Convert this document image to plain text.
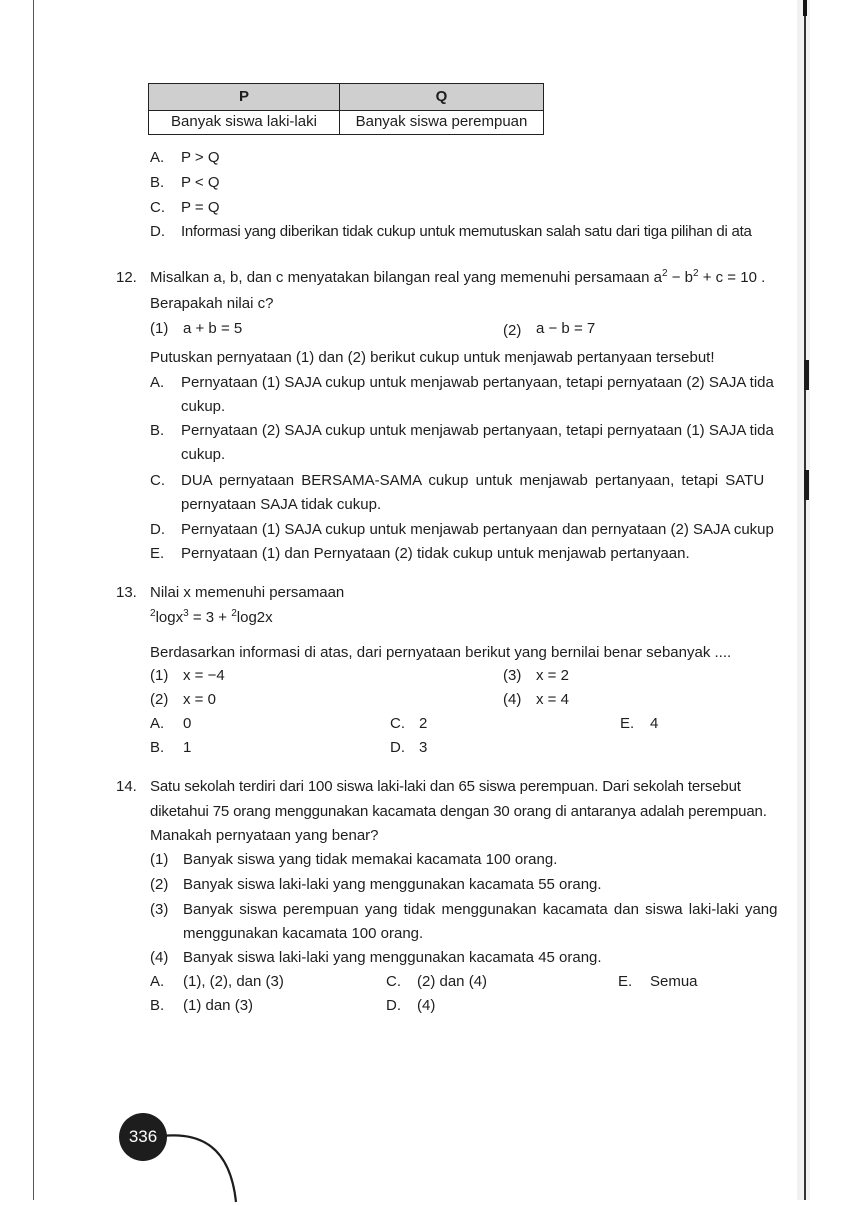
P	Q
Banyak siswa laki-laki	Banyak siswa perempuan
A. P > Q
B. P < Q
C. P = Q
D. Informasi yang diberikan tidak cukup untuk memutuskan salah satu dari tiga pilihan di ata
12. Misalkan a, b, dan c menyatakan bilangan real yang memenuhi persamaan $a^2 - b^2 + c = 10$ .
Berapakah nilai c?
(1) a + b = 5	(2) a − b = 7
Putuskan pernyataan (1) dan (2) berikut cukup untuk menjawab pertanyaan tersebut!
A. Pernyataan (1) SAJA cukup untuk menjawab pertanyaan, tetapi pernyataan (2) SAJA tida
cukup.
B. Pernyataan (2) SAJA cukup untuk menjawab pertanyaan, tetapi pernyataan (1) SAJA tida
cukup.
C. DUA pernyataan BERSAMA-SAMA cukup untuk menjawab pertanyaan, tetapi SATU
pernyataan SAJA tidak cukup.
D. Pernyataan (1) SAJA cukup untuk menjawab pertanyaan dan pernyataan (2) SAJA cukup
E. Pernyataan (1) dan Pernyataan (2) tidak cukup untuk menjawab pertanyaan.
13. Nilai x memenuhi persamaan
$^2$logx$^3$ = 3 + $^2$log2x
Berdasarkan informasi di atas, dari pernyataan berikut yang bernilai benar sebanyak ....
(1) x = −4	(3) x = 2
(2) x = 0	(4) x = 4
A. 0	C. 2	E. 4
B. 1	D. 3
14. Satu sekolah terdiri dari 100 siswa laki-laki dan 65 siswa perempuan. Dari sekolah tersebut
diketahui 75 orang menggunakan kacamata dengan 30 orang di antaranya adalah perempuan.
Manakah pernyataan yang benar?
(1) Banyak siswa yang tidak memakai kacamata 100 orang.
(2) Banyak siswa laki-laki yang menggunakan kacamata 55 orang.
(3) Banyak siswa perempuan yang tidak menggunakan kacamata dan siswa laki-laki yang
menggunakan kacamata 100 orang.
(4) Banyak siswa laki-laki yang menggunakan kacamata 45 orang.
A. (1), (2), dan (3)	C. (2) dan (4)	E. Semua
B. (1) dan (3)	D. (4)
336
